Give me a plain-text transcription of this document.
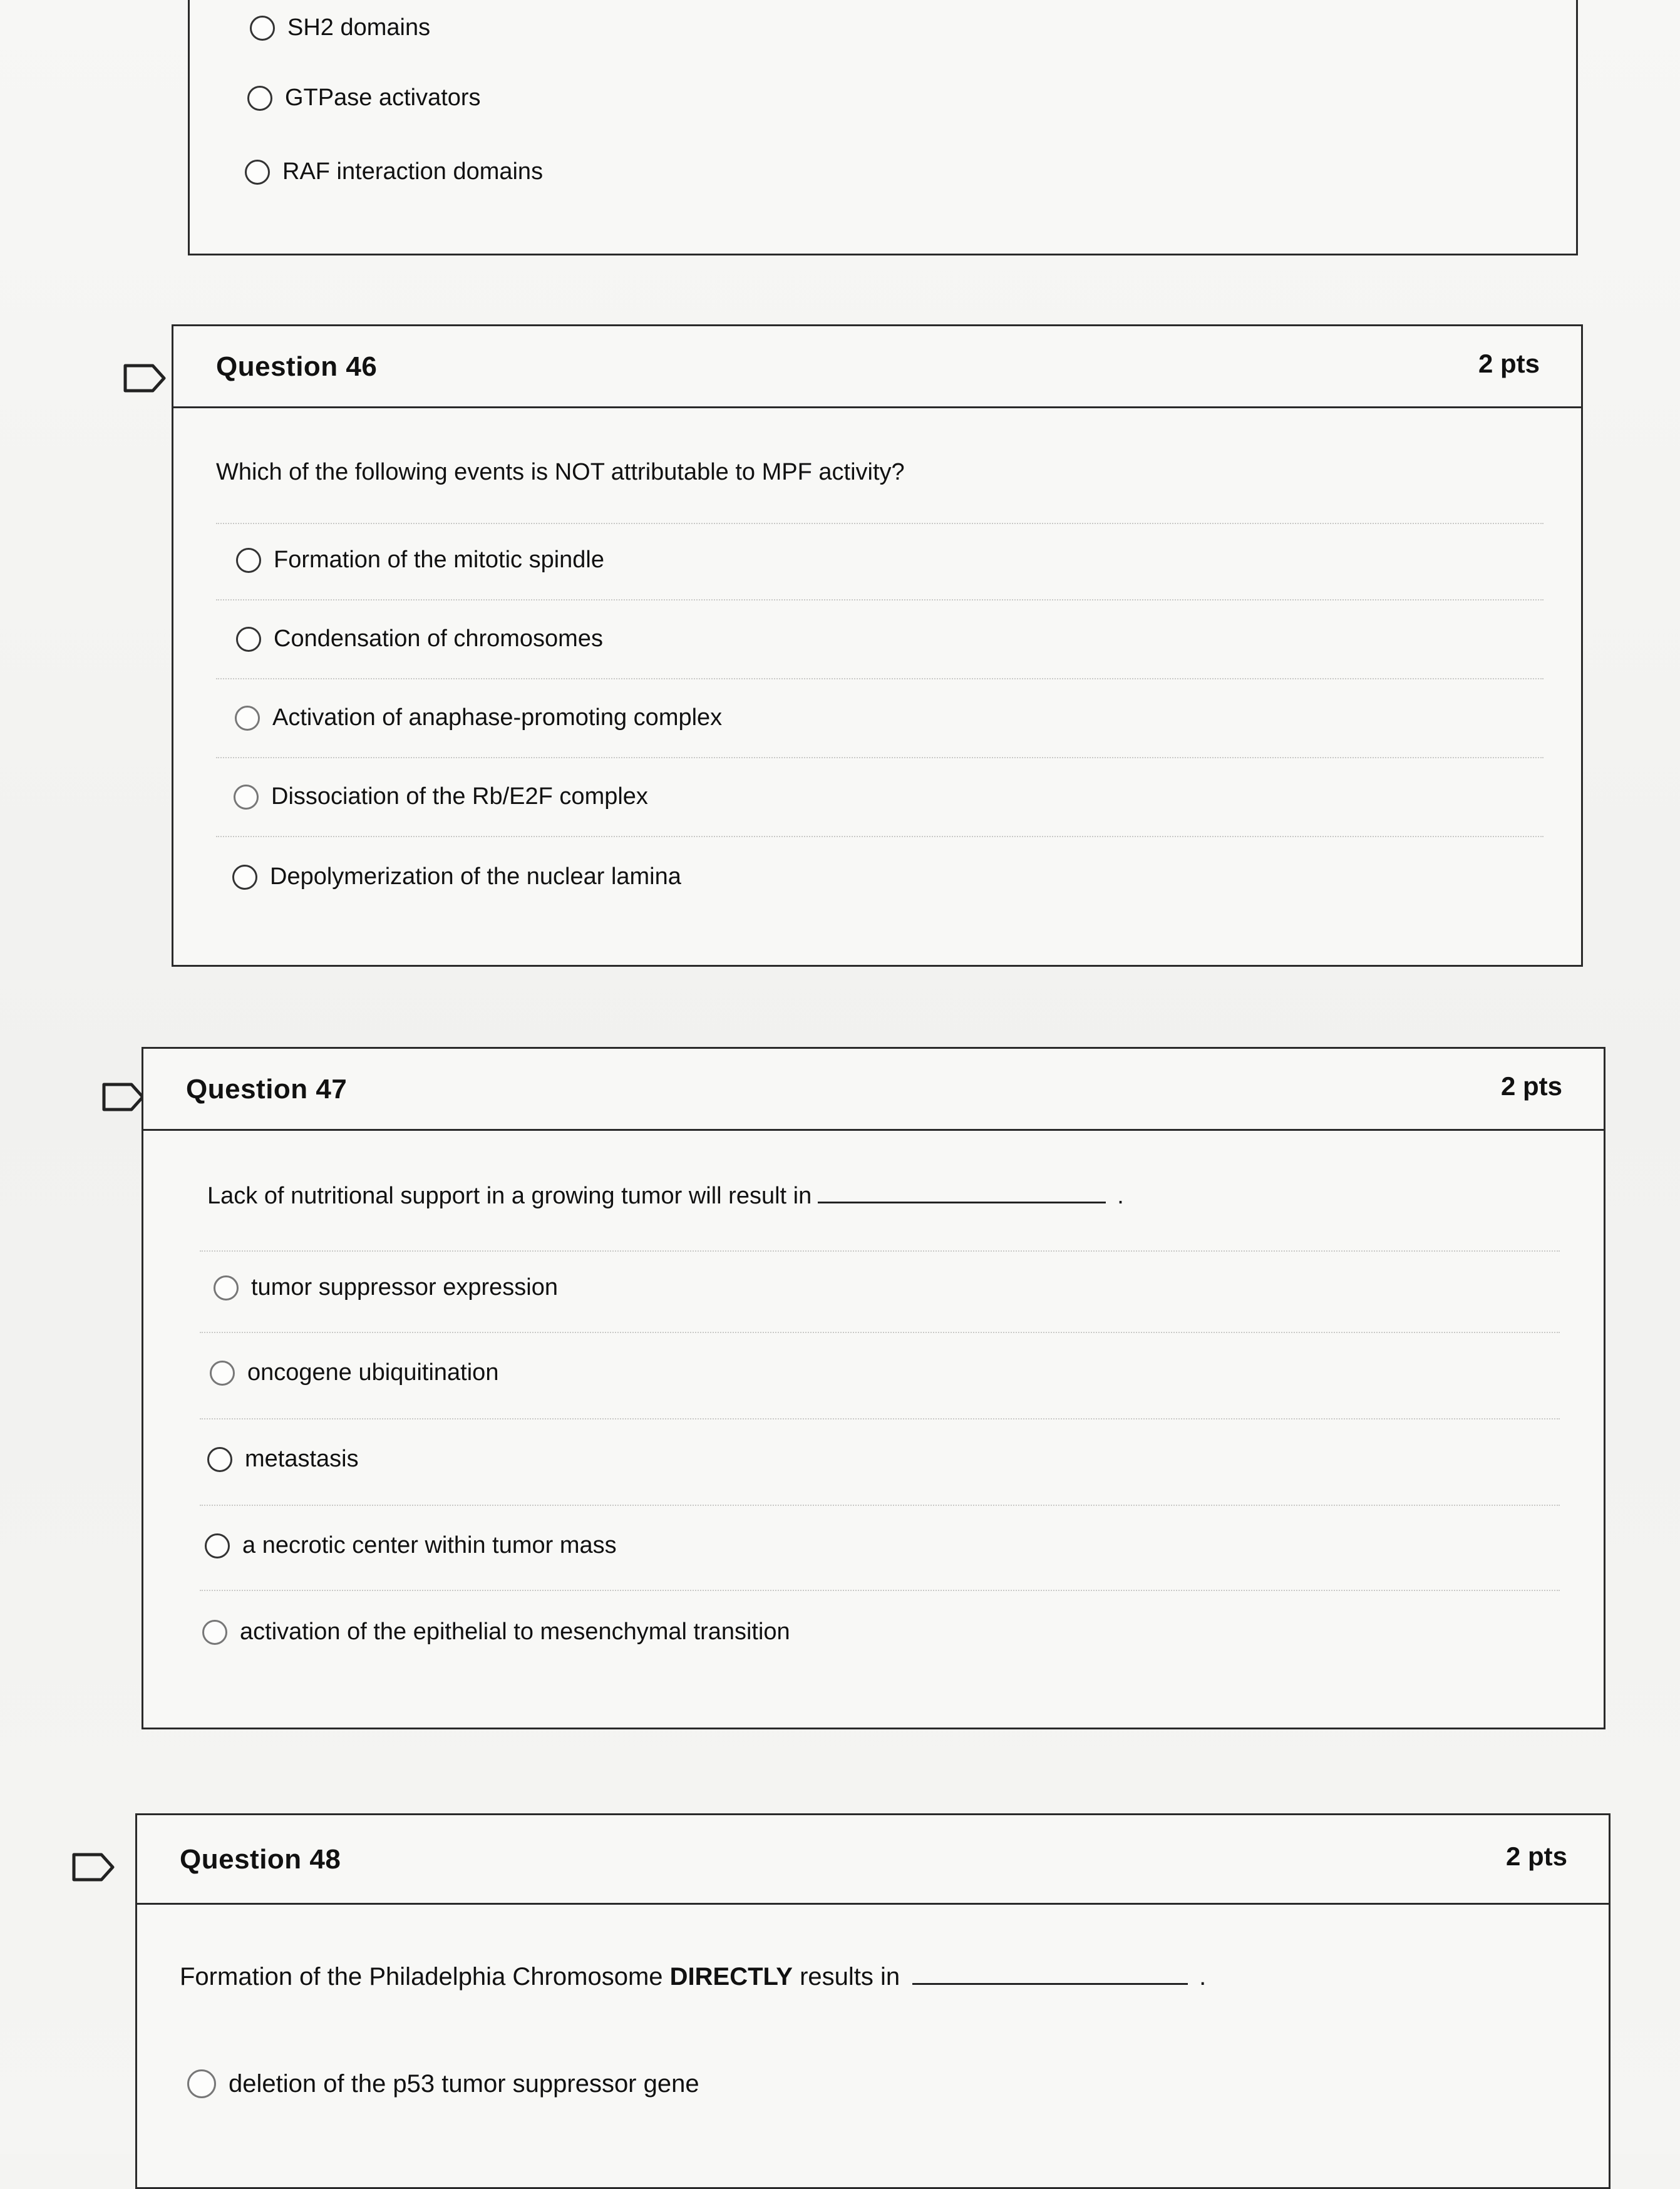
SH2 domains
GTPase activators
RAF interaction domains
Question 46	2 pts
Which of the following events is NOT attributable to MPF activity?
Formation of the mitotic spindle
Condensation of chromosomes
Activation of anaphase-promoting complex
Dissociation of the Rb/E2F complex
Depolymerization of the nuclear lamina
Question 47	2 pts
Lack of nutritional support in a growing tumor will result in	.
tumor suppressor expression
oncogene ubiquitination
metastasis
a necrotic center within tumor mass
activation of the epithelial to mesenchymal transition
Question 48	2 pts
Formation of the Philadelphia Chromosome DIRECTLY results in	.
deletion of the p53 tumor suppressor gene
